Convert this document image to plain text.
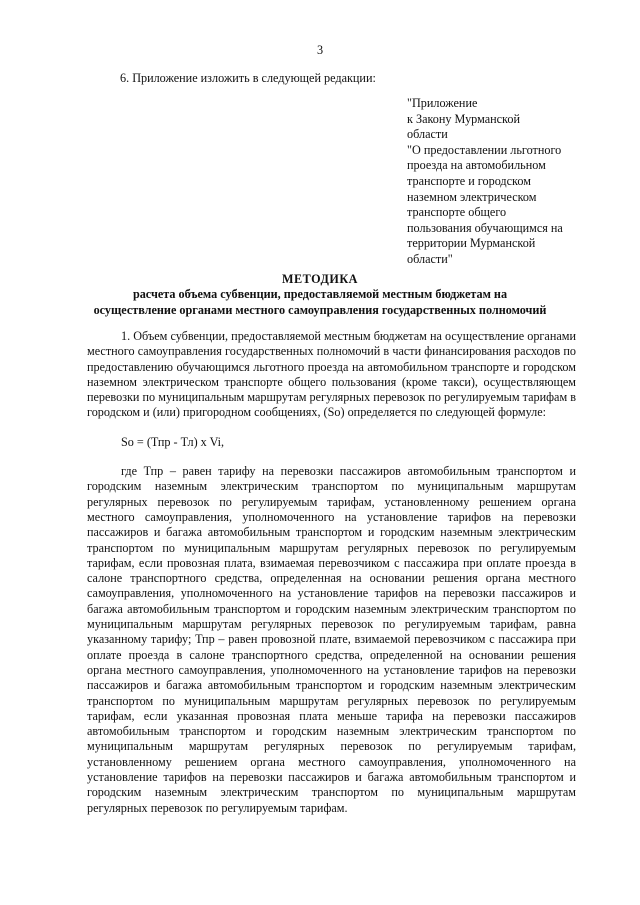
3
6. Приложение изложить в следующей редакции:
"Приложение
к Закону Мурманской
области
"О предоставлении льготного
проезда на автомобильном
транспорте и городском
наземном электрическом
транспорте общего
пользования обучающимся на
территории Мурманской
области"
МЕТОДИКА
расчета объема субвенции, предоставляемой местным бюджетам на
осуществление органами местного самоуправления государственных полномочий

1. Объем субвенции, предоставляемой местным бюджетам на осуществление органами местного самоуправления государственных полномочий в части финансирования расходов по предоставлению обучающимся льготного проезда на автомобильном транспорте и городском наземном электрическом транспорте общего пользования (кроме такси), осуществляющем перевозки по муниципальным маршрутам регулярных перевозок по регулируемым тарифам в городском и (или) пригородном сообщениях, (So) определяется по следующей формуле:

So = (Тпр - Тл) x Vi,

где Тпр – равен тарифу на перевозки пассажиров автомобильным транспортом и городским наземным электрическим транспортом по муниципальным маршрутам регулярных перевозок по регулируемым тарифам, установленному решением органа местного самоуправления, уполномоченного на установление тарифов на перевозки пассажиров и багажа автомобильным транспортом и городским наземным электрическим транспортом по муниципальным маршрутам регулярных перевозок по регулируемым тарифам, если провозная плата, взимаемая перевозчиком с пассажира при оплате проезда в салоне транспортного средства, определенная на основании решения органа местного самоуправления, уполномоченного на установление тарифов на перевозки пассажиров и багажа автомобильным транспортом и городским наземным электрическим транспортом по муниципальным маршрутам регулярных перевозок по регулируемым тарифам, равна указанному тарифу; Тпр – равен провозной плате, взимаемой перевозчиком с пассажира при оплате проезда в салоне транспортного средства, определенной на основании решения органа местного самоуправления, уполномоченного на установление тарифов на перевозки пассажиров и багажа автомобильным транспортом и городским наземным электрическим транспортом по муниципальным маршрутам регулярных перевозок по регулируемым тарифам, если указанная провозная плата меньше тарифа на перевозки пассажиров автомобильным транспортом и городским наземным электрическим транспортом по муниципальным маршрутам регулярных перевозок по регулируемым тарифам, установленному решением органа местного самоуправления, уполномоченного на установление тарифов на перевозки пассажиров и багажа автомобильным транспортом и городским наземным электрическим транспортом по муниципальным маршрутам регулярных перевозок по регулируемым тарифам.
